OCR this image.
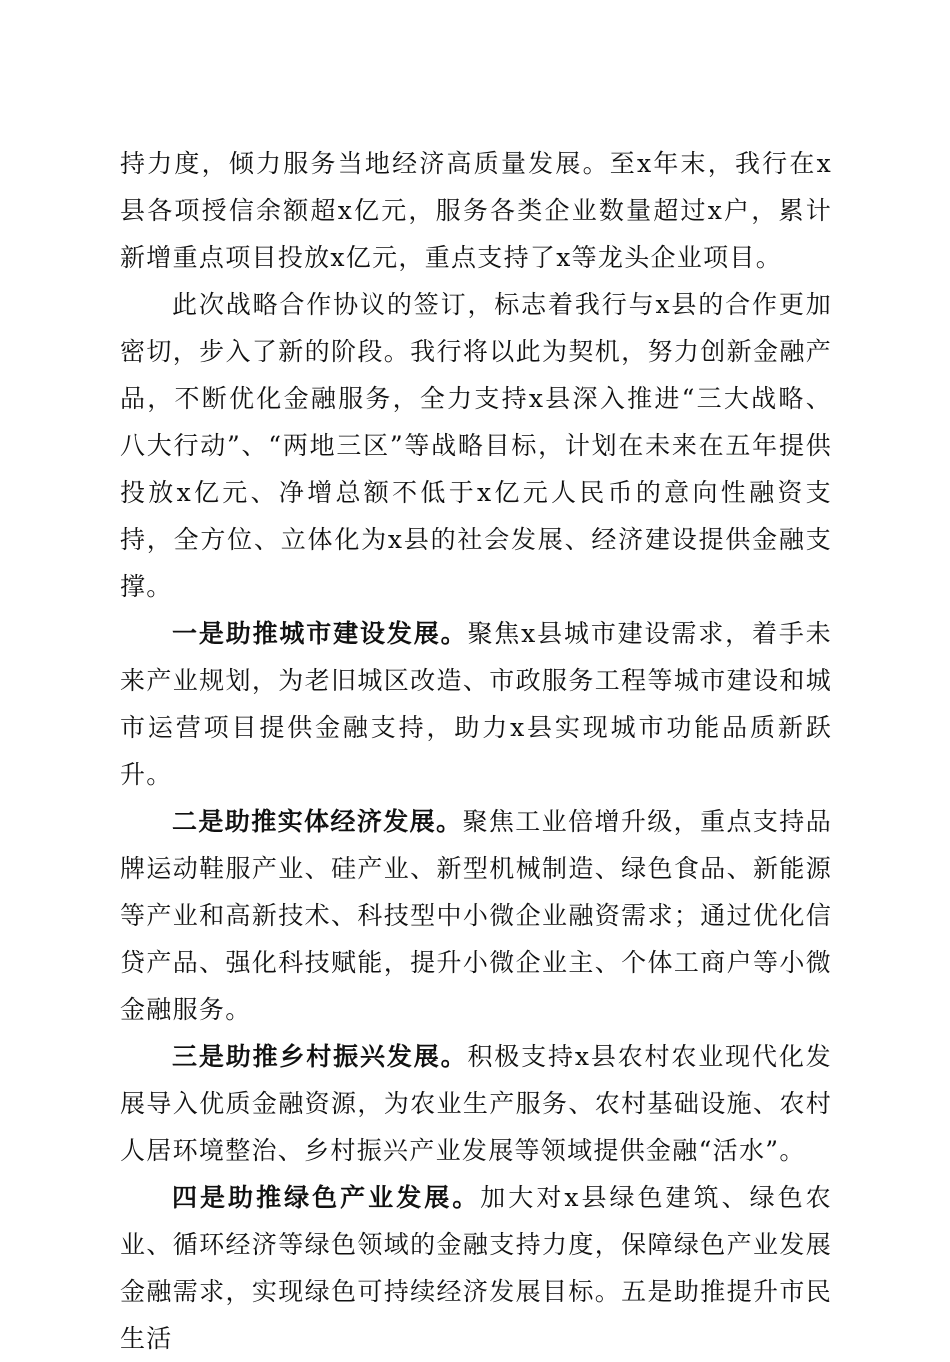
持力度，倾力服务当地经济高质量发展。至x年末，我行在x县各项授信余额超x亿元，服务各类企业数量超过x户，累计新增重点项目投放x亿元，重点支持了x等龙头企业项目。

此次战略合作协议的签订，标志着我行与x县的合作更加密切，步入了新的阶段。我行将以此为契机，努力创新金融产品，不断优化金融服务，全力支持x县深入推进“三大战略、八大行动”、“两地三区”等战略目标，计划在未来在五年提供投放x亿元、净增总额不低于x亿元人民币的意向性融资支持，全方位、立体化为x县的社会发展、经济建设提供金融支撑。

一是助推城市建设发展。聚焦x县城市建设需求，着手未来产业规划，为老旧城区改造、市政服务工程等城市建设和城市运营项目提供金融支持，助力x县实现城市功能品质新跃升。

二是助推实体经济发展。聚焦工业倍增升级，重点支持品牌运动鞋服产业、硅产业、新型机械制造、绿色食品、新能源等产业和高新技术、科技型中小微企业融资需求；通过优化信贷产品、强化科技赋能，提升小微企业主、个体工商户等小微金融服务。

三是助推乡村振兴发展。积极支持x县农村农业现代化发展导入优质金融资源，为农业生产服务、农村基础设施、农村人居环境整治、乡村振兴产业发展等领域提供金融“活水”。

四是助推绿色产业发展。加大对x县绿色建筑、绿色农业、循环经济等绿色领域的金融支持力度，保障绿色产业发展金融需求，实现绿色可持续经济发展目标。五是助推提升市民生活
